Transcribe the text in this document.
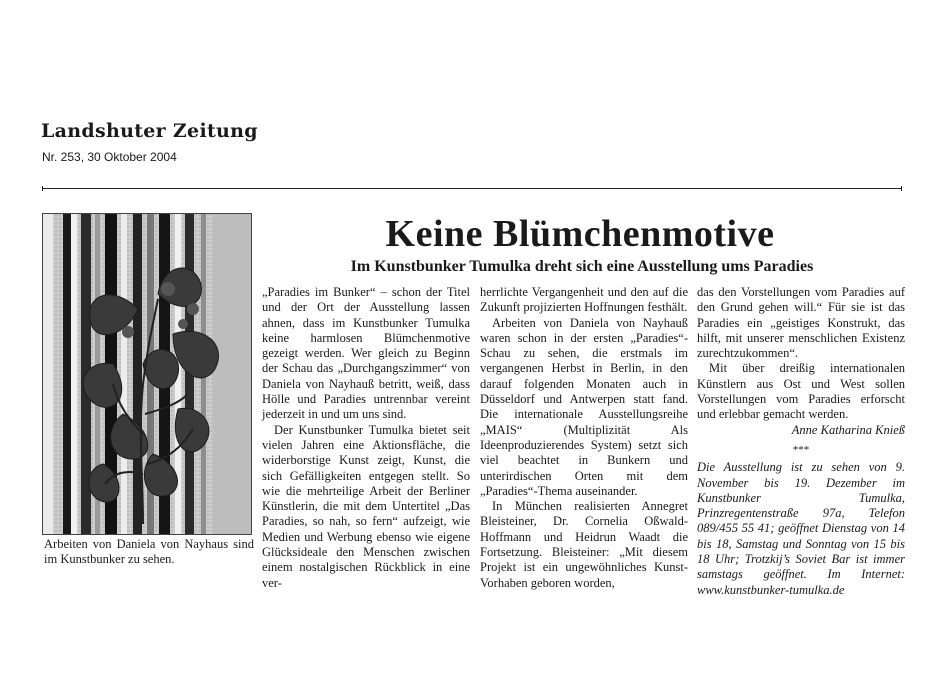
Landshuter Zeitung
Nr. 253, 30 Oktober 2004
Arbeiten von Daniela von Nayhaus sind im Kunstbunker zu sehen.
Keine Blümchenmotive
Im Kunstbunker Tumulka dreht sich eine Ausstellung ums Paradies

„Paradies im Bunker“ – schon der Titel und der Ort der Ausstellung lassen ahnen, dass im Kunstbunker Tumulka keine harmlosen Blümchenmotive gezeigt werden. Wer gleich zu Beginn der Schau das „Durchgangszimmer“ von Daniela von Nayhauß betritt, weiß, dass Hölle und Paradies untrennbar vereint jederzeit in und um uns sind.

Der Kunstbunker Tumulka bietet seit vielen Jahren eine Aktionsfläche, die widerborstige Kunst zeigt, Kunst, die sich Gefälligkeiten entgegen stellt. So wie die mehrteilige Arbeit der Berliner Künstlerin, die mit dem Untertitel „Das Paradies, so nah, so fern“ aufzeigt, wie Medien und Werbung ebenso wie eigene Glücksideale den Menschen zwischen einem nostalgischen Rückblick in eine ver-

herrlichte Vergangenheit und den auf die Zukunft projizierten Hoffnungen festhält.

Arbeiten von Daniela von Nayhauß waren schon in der ersten „Paradies“-Schau zu sehen, die erstmals im vergangenen Herbst in Berlin, in den darauf folgenden Monaten auch in Düsseldorf und Antwerpen statt fand. Die internationale Ausstellungsreihe „MAIS“ (Multiplizität Als Ideenproduzierendes System) setzt sich viel beachtet in Bunkern und unterirdischen Orten mit dem „Paradies“-Thema auseinander.

In München realisierten Annegret Bleisteiner, Dr. Cornelia Oßwald-Hoffmann und Heidrun Waadt die Fortsetzung. Bleisteiner: „Mit diesem Projekt ist ein ungewöhnliches Kunst-Vorhaben geboren worden,

das den Vorstellungen vom Paradies auf den Grund gehen will.“ Für sie ist das Paradies ein „geistiges Konstrukt, das hilft, mit unserer menschlichen Existenz zurechtzukommen“.

Mit über dreißig internationalen Künstlern aus Ost und West sollen Vorstellungen vom Paradies erforscht und erlebbar gemacht werden.

Anne Katharina Knieß
***

Die Ausstellung ist zu sehen von 9. November bis 19. Dezember im Kunstbunker Tumulka, Prinzregentenstraße 97a, Telefon 089/455 55 41; geöffnet Dienstag von 14 bis 18, Samstag und Sonntag von 15 bis 18 Uhr; Trotzkij’s Soviet Bar ist immer samstags geöffnet. Im Internet: www.kunstbunker-tumulka.de
